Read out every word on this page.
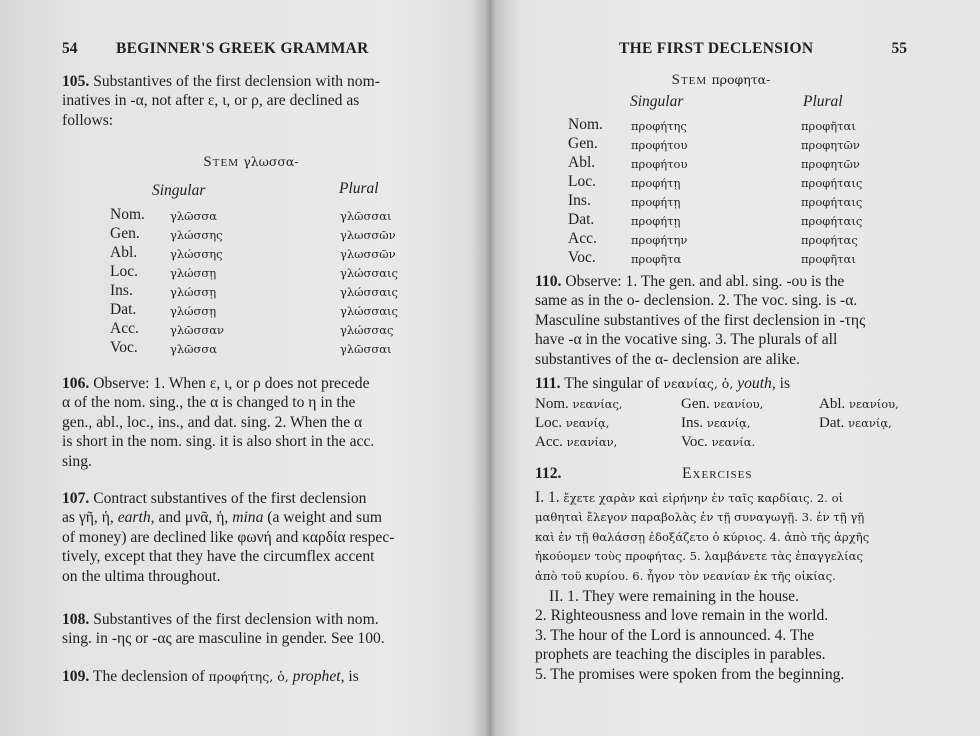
54 BEGINNER'S GREEK GRAMMAR
105. Substantives of the first declension with nom-
inatives in -α, not after ε, ι, or ρ, are declined as
follows:
Stem γλωσσα-
Singular	Plural
Nom. γλῶσσα	γλῶσσαι
Gen.	γλώσσης	γλωσσῶν
Abl.	γλώσσης	γλωσσῶν
Loc.	γλώσσῃ	γλώσσαις
Ins.	γλώσσῃ	γλώσσαις
Dat.	γλώσσῃ	γλώσσαις
Acc.	γλῶσσαν	γλώσσας
Voc.	γλῶσσα	γλῶσσαι
106. Observe: 1. When ε, ι, or ρ does not precede
α of the nom. sing., the α is changed to η in the
gen., abl., loc., ins., and dat. sing. 2. When the α
is short in the nom. sing. it is also short in the acc.
sing.
107. Contract substantives of the first declension
as γῆ, ἡ, earth, and μνᾶ, ἡ, mina (a weight and sum
of money) are declined like φωνή and καρδία respec-
tively, except that they have the circumflex accent
on the ultima throughout.
108. Substantives of the first declension with nom.
sing. in -ης or -ας are masculine in gender. See 100.
109. The declension of προφήτης, ὁ, prophet, is
THE FIRST DECLENSION	55
Stem προφητα-
Singular	Plural
Nom. προφήτης	προφῆται
Gen.	προφήτου	προφητῶν
Abl.	προφήτου	προφητῶν
Loc.	προφήτῃ	προφήταις
Ins.	προφήτῃ	προφήταις
Dat.	προφήτῃ	προφήταις
Acc.	προφήτην	προφήτας
Voc.	προφῆτα	προφῆται
110. Observe: 1. The gen. and abl. sing. -ου is the
same as in the ο- declension. 2. The voc. sing. is -α.
Masculine substantives of the first declension in -της
have -α in the vocative sing. 3. The plurals of all
substantives of the α- declension are alike.
111. The singular of νεανίας, ὁ, youth, is
Nom. νεανίας,	Gen. νεανίου,	Abl. νεανίου,
Loc. νεανίᾳ,	Ins. νεανίᾳ,	Dat. νεανίᾳ,
Acc. νεανίαν,	Voc. νεανία.
112.	Exercises
I. 1. ἔχετε χαρὰν καὶ εἰρήνην ἐν ταῖς καρδίαις. 2. οἱ
μαθηταὶ ἔλεγον παραβολὰς ἐν τῇ συναγωγῇ. 3. ἐν τῇ γῇ
καὶ ἐν τῇ θαλάσσῃ ἐδοξάζετο ὁ κύριος. 4. ἀπὸ τῆς ἀρχῆς
ἠκούομεν τοὺς προφήτας. 5. λαμβάνετε τὰς ἐπαγγελίας
ἀπὸ τοῦ κυρίου. 6. ἦγον τὸν νεανίαν ἐκ τῆς οἰκίας.
II. 1. They were remaining in the house.
2. Righteousness and love remain in the world.
3. The hour of the Lord is announced. 4. The
prophets are teaching the disciples in parables.
5. The promises were spoken from the beginning.
